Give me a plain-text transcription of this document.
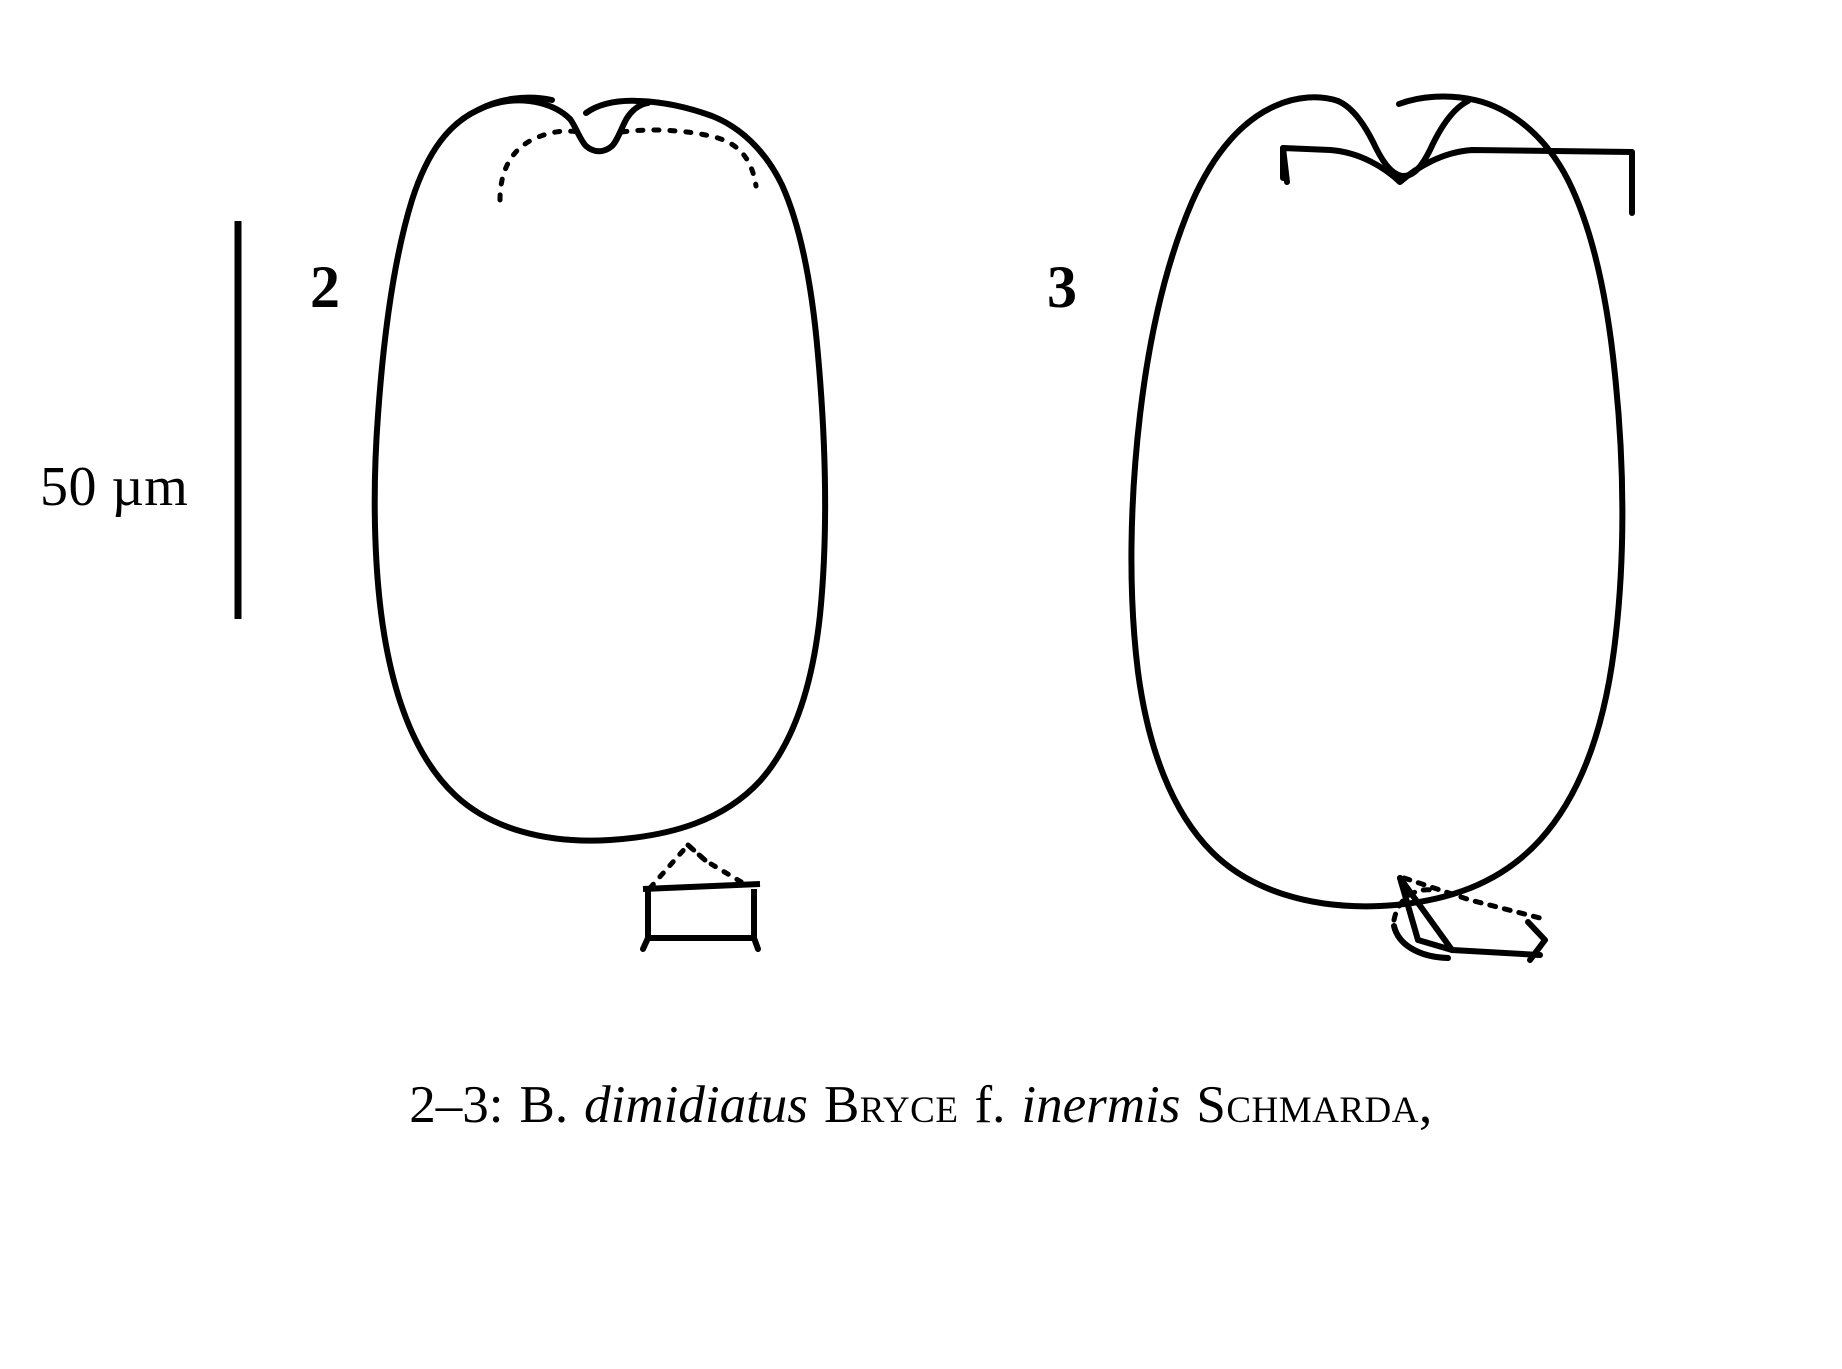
50 µm
2	3
2–3: B. dimidiatus Bryce f. inermis Schmarda,
